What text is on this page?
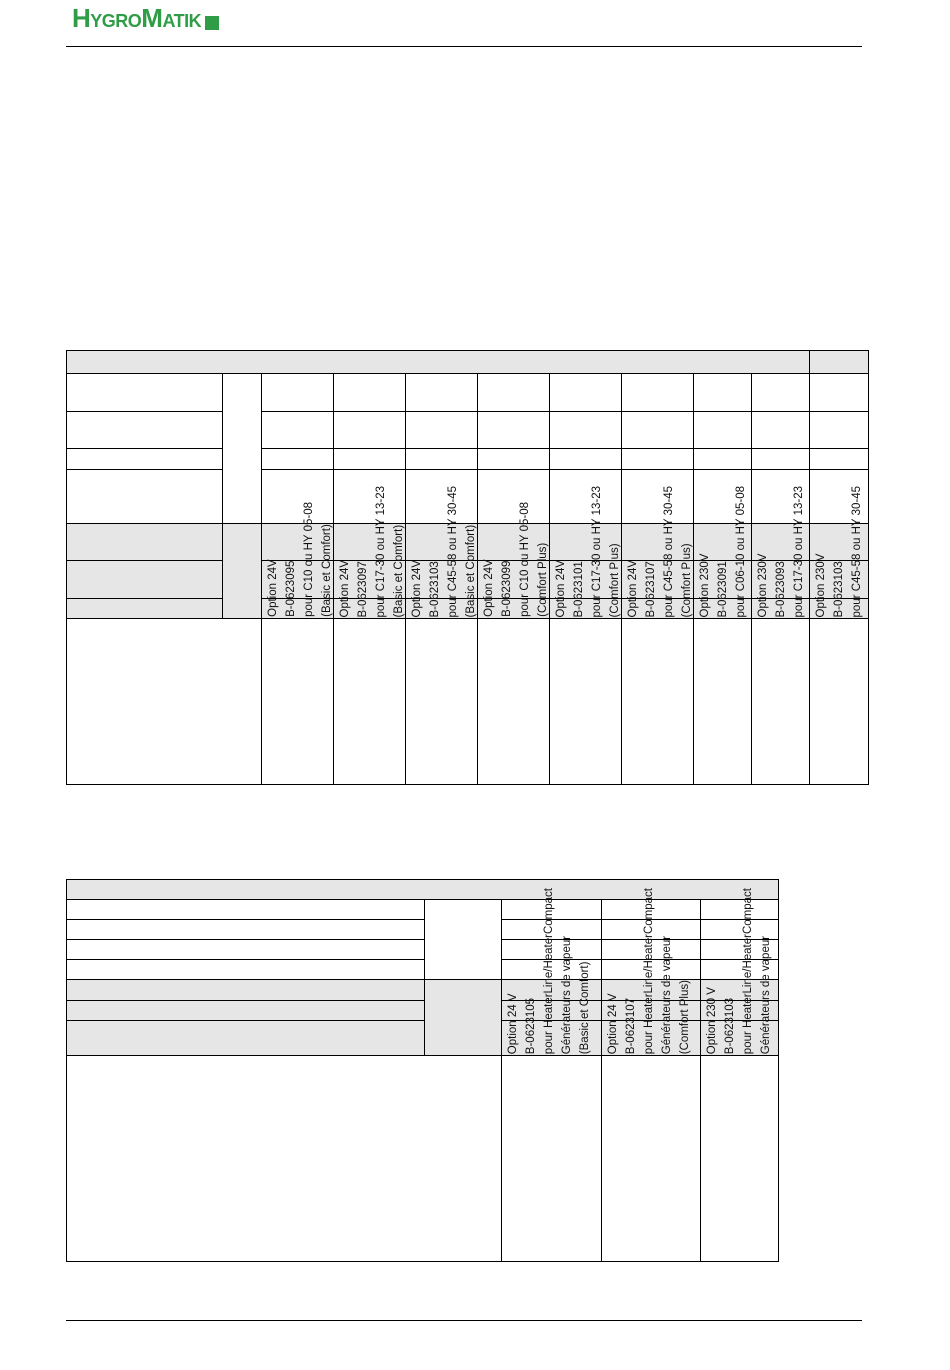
HYGROMATIK

		Option 24V B-0623095 pour C10 ou HY 05-08 (Basic et Comfort)	Option 24V B-0623097 pour C17-30 ou HY 13-23 (Basic et Comfort)	Option 24V B-0623103 pour C45-58 ou HY 30-45 (Basic et Comfort)	Option 24V B-0623099 pour C10 ou HY 05-08 (Comfort Plus)	Option 24V B-0623101 pour C17-30 ou HY 13-23 (Comfort Plus)	Option 24V B-0623107 pour C45-58 ou HY 30-45 (Comfort Plus)	Option 230V B-0623091 pour C06-10 ou HY 05-08	Option 230V B-0623093 pour C17-30 ou HY 13-23	Option 230V B-0623103 pour C45-58 ou HY 30-45

		Option 24 V B-0623105 pour HeaterLine/HeaterCompact Générateurs de vapeur (Basic et Comfort)	Option 24 V B-0623107 pour HeaterLine/HeaterCompact Générateurs de vapeur (Comfort Plus)	Option 230 V B-0623103 pour HeaterLine/HeaterCompact Générateurs de vapeur
